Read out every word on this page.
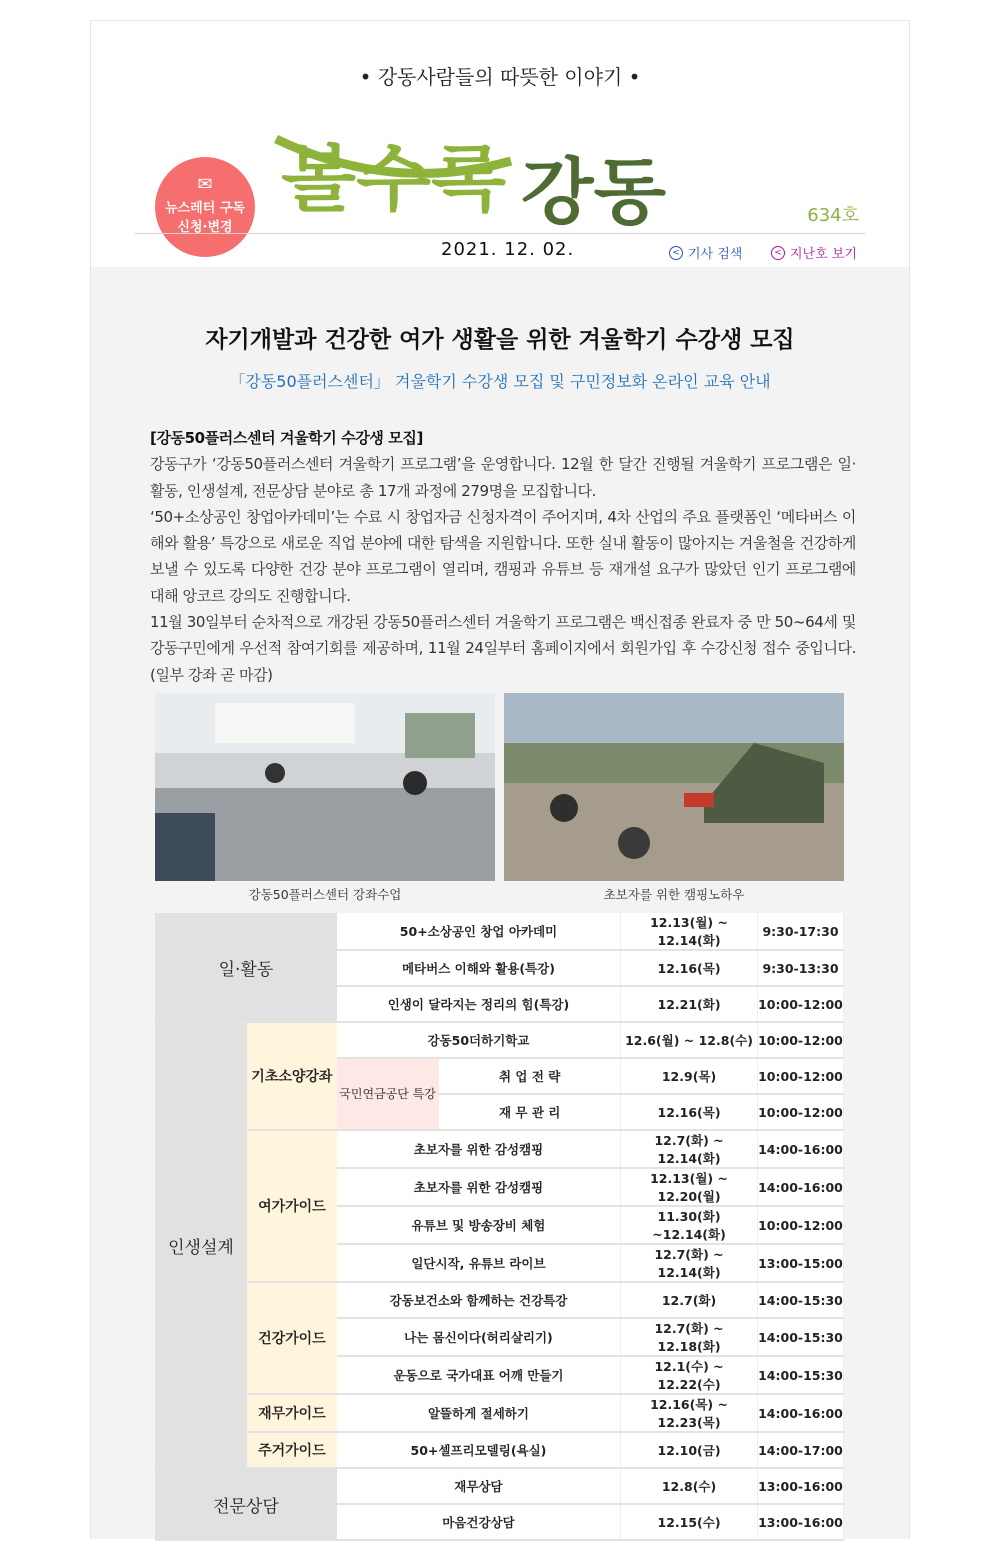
• 강동사람들의 따뜻한 이야기 •
볼수록 강동
✉
뉴스레터 구독
신청·변경
634호
2021. 12. 02.	< 기사 검색	< 지난호 보기
자기개발과 건강한 여가 생활을 위한 겨울학기 수강생 모집
「강동50플러스센터」 겨울학기 수강생 모집 및 구민정보화 온라인 교육 안내
[강동50플러스센터 겨울학기 수강생 모집]
강동구가 ‘강동50플러스센터 겨울학기 프로그램’을 운영합니다. 12월 한 달간 진행될 겨울학기 프로그램은 일·활동, 인생설계, 전문상담 분야로 총 17개 과정에 279명을 모집합니다.
‘50+소상공인 창업아카데미’는 수료 시 창업자금 신청자격이 주어지며, 4차 산업의 주요 플랫폼인 ‘메타버스 이해와 활용’ 특강으로 새로운 직업 분야에 대한 탐색을 지원합니다. 또한 실내 활동이 많아지는 겨울철을 건강하게 보낼 수 있도록 다양한 건강 분야 프로그램이 열리며, 캠핑과 유튜브 등 재개설 요구가 많았던 인기 프로그램에 대해 앙코르 강의도 진행합니다.
11월 30일부터 순차적으로 개강된 강동50플러스센터 겨울학기 프로그램은 백신접종 완료자 중 만 50~64세 및 강동구민에게 우선적 참여기회를 제공하며, 11월 24일부터 홈페이지에서 회원가입 후 수강신청 접수 중입니다.(일부 강좌 곧 마감)
강동50플러스센터 강좌수업	초보자를 위한 캠핑노하우
일·활동		50+소상공인 창업 아카데미		12.13(월) ~ 12.14(화)	9:30-17:30
		메타버스 이해와 활용(특강)		12.16(목)	9:30-13:30
		인생이 달라지는 정리의 힘(특강)		12.21(화)	10:00-12:00
인생설계	기초소양강좌	강동50더하기학교		12.6(월) ~ 12.8(수)	10:00-12:00
		국민연금공단 특강	취 업 전 략	12.9(목)	10:00-12:00
			재 무 관 리	12.16(목)	10:00-12:00
	여가가이드	초보자를 위한 감성캠핑		12.7(화) ~ 12.14(화)	14:00-16:00
		초보자를 위한 감성캠핑		12.13(월) ~ 12.20(월)	14:00-16:00
		유튜브 및 방송장비 체험		11.30(화) ~12.14(화)	10:00-12:00
		일단시작, 유튜브 라이브		12.7(화) ~ 12.14(화)	13:00-15:00
	건강가이드	강동보건소와 함께하는 건강특강		12.7(화)	14:00-15:30
		나는 몸신이다(허리살리기)		12.7(화) ~ 12.18(화)	14:00-15:30
		운동으로 국가대표 어깨 만들기		12.1(수) ~ 12.22(수)	14:00-15:30
	재무가이드	알뜰하게 절세하기		12.16(목) ~ 12.23(목)	14:00-16:00
	주거가이드	50+셀프리모델링(욕실)		12.10(금)	14:00-17:00
전문상담		재무상담		12.8(수)	13:00-16:00
		마음건강상담		12.15(수)	13:00-16:00
